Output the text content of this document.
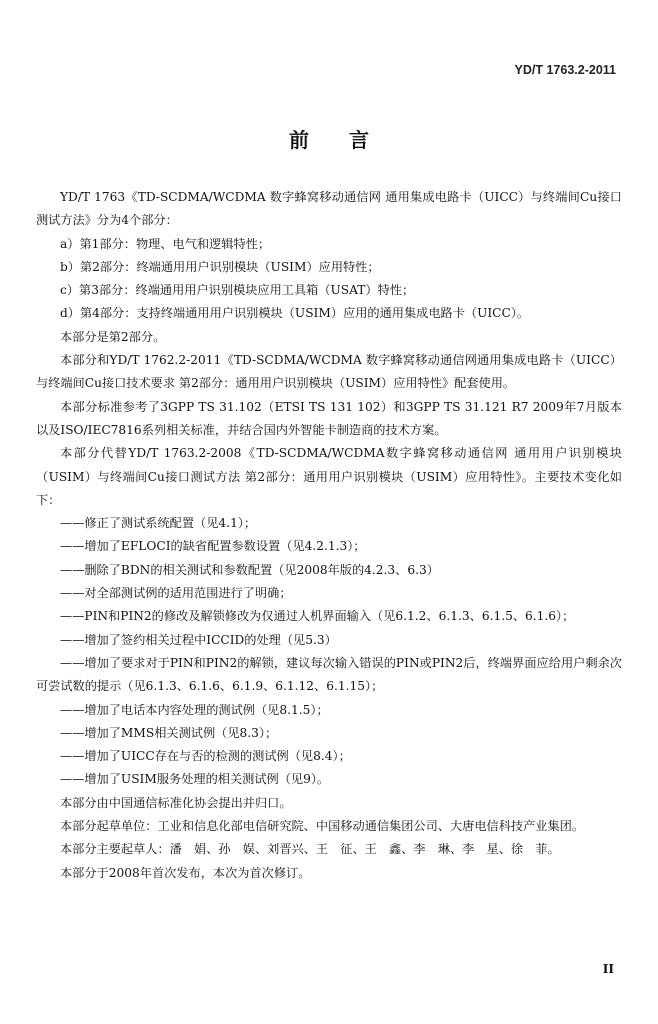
YD/T 1763.2-2011
前言

YD/T 1763《TD-SCDMA/WCDMA 数字蜂窝移动通信网 通用集成电路卡（UICC）与终端间Cu接口测试方法》分为4个部分：

a）第1部分：物理、电气和逻辑特性；

b）第2部分：终端通用用户识别模块（USIM）应用特性；

c）第3部分：终端通用用户识别模块应用工具箱（USAT）特性；

d）第4部分：支持终端通用用户识别模块（USIM）应用的通用集成电路卡（UICC）。

本部分是第2部分。

本部分和YD/T 1762.2-2011《TD-SCDMA/WCDMA 数字蜂窝移动通信网通用集成电路卡（UICC）与终端间Cu接口技术要求 第2部分：通用用户识别模块（USIM）应用特性》配套使用。

本部分标准参考了3GPP TS 31.102（ETSI TS 131 102）和3GPP TS 31.121 R7 2009年7月版本以及ISO/IEC7816系列相关标准，并结合国内外智能卡制造商的技术方案。

本部分代替YD/T 1763.2-2008《TD-SCDMA/WCDMA数字蜂窝移动通信网 通用用户识别模块（USIM）与终端间Cu接口测试方法 第2部分：通用用户识别模块（USIM）应用特性》。主要技术变化如下：

——修正了测试系统配置（见4.1）；

——增加了EFLOCI的缺省配置参数设置（见4.2.1.3）；

——删除了BDN的相关测试和参数配置（见2008年版的4.2.3、6.3）

——对全部测试例的适用范围进行了明确；

——PIN和PIN2的修改及解锁修改为仅通过人机界面输入（见6.1.2、6.1.3、6.1.5、6.1.6）；

——增加了签约相关过程中ICCID的处理（见5.3）

——增加了要求对于PIN和PIN2的解锁，建议每次输入错误的PIN或PIN2后，终端界面应给用户剩余次可尝试数的提示（见6.1.3、6.1.6、6.1.9、6.1.12、6.1.15）；

——增加了电话本内容处理的测试例（见8.1.5）；

——增加了MMS相关测试例（见8.3）；

——增加了UICC存在与否的检测的测试例（见8.4）；

——增加了USIM服务处理的相关测试例（见9）。

本部分由中国通信标准化协会提出并归口。

本部分起草单位：工业和信息化部电信研究院、中国移动通信集团公司、大唐电信科技产业集团。

本部分主要起草人：潘　娟、孙　娱、刘晋兴、王　征、王　鑫、李　琳、李　星、徐　菲。

本部分于2008年首次发布，本次为首次修订。

II
